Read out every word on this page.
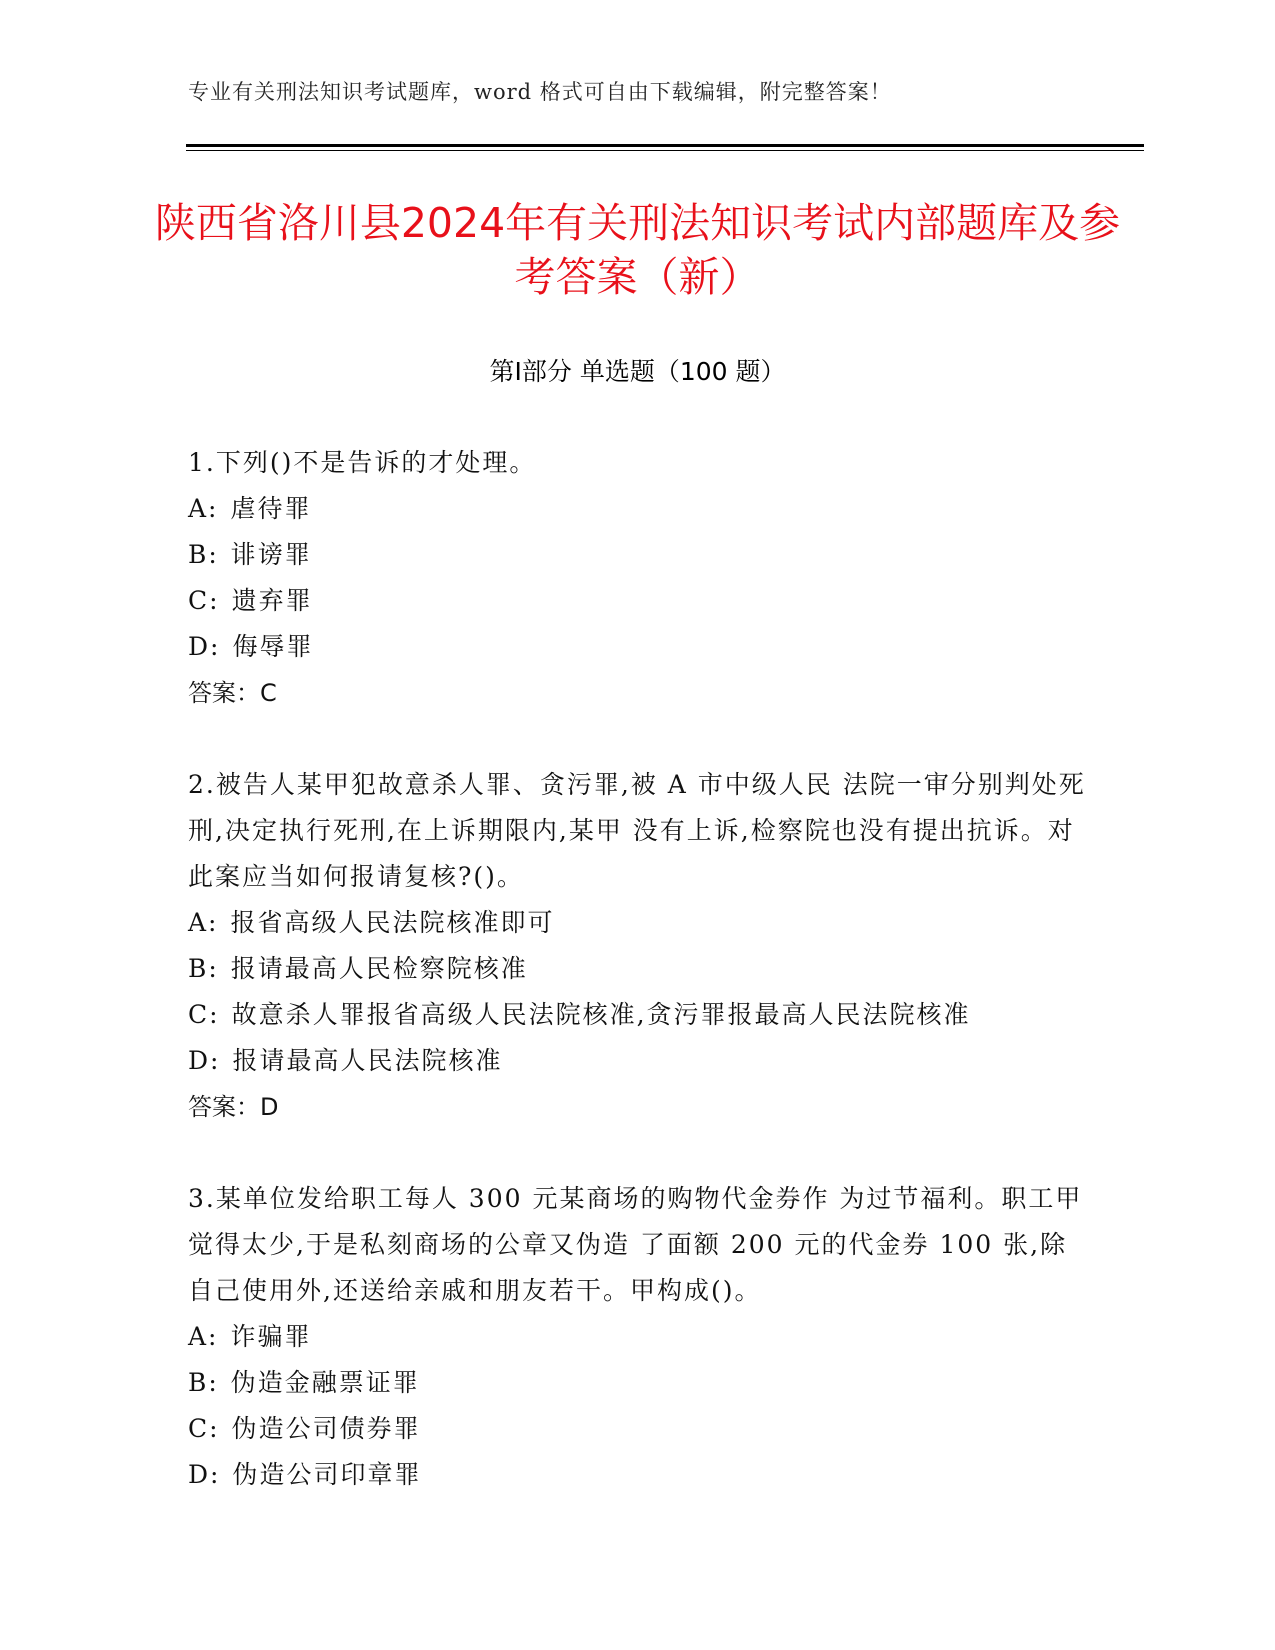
专业有关刑法知识考试题库，word 格式可自由下载编辑，附完整答案！
陕西省洛川县2024年有关刑法知识考试内部题库及参考答案（新）
第Ⅰ部分 单选题（100 题）
1.下列()不是告诉的才处理。
A: 虐待罪
B: 诽谤罪
C: 遗弃罪
D: 侮辱罪
答案：C
2.被告人某甲犯故意杀人罪、贪污罪,被 A 市中级人民 法院一审分别判处死刑,决定执行死刑,在上诉期限内,某甲 没有上诉,检察院也没有提出抗诉。对此案应当如何报请复核?()。
A: 报省高级人民法院核准即可
B: 报请最高人民检察院核准
C: 故意杀人罪报省高级人民法院核准,贪污罪报最高人民法院核准
D: 报请最高人民法院核准
答案：D
3.某单位发给职工每人 300 元某商场的购物代金券作 为过节福利。职工甲觉得太少,于是私刻商场的公章又伪造 了面额 200 元的代金券 100 张,除自己使用外,还送给亲戚和朋友若干。甲构成()。
A: 诈骗罪
B: 伪造金融票证罪
C: 伪造公司债券罪
D: 伪造公司印章罪
